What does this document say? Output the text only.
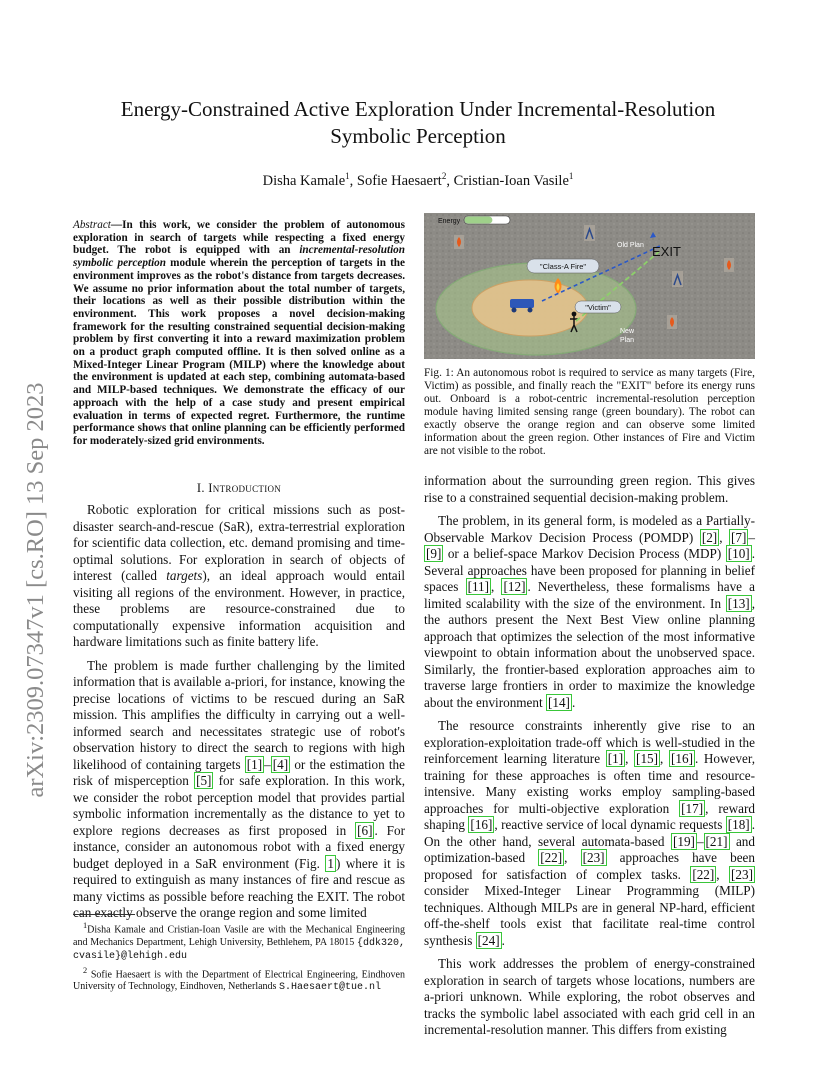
arXiv:2309.07347v1 [cs.RO] 13 Sep 2023
Energy-Constrained Active Exploration Under Incremental-Resolution
Symbolic Perception
Disha Kamale$^1$, Sofie Haesaert$^2$, Cristian-Ioan Vasile$^1$
Abstract—In this work, we consider the problem of autonomous exploration in search of targets while respecting a fixed energy budget. The robot is equipped with an incremental-resolution symbolic perception module wherein the perception of targets in the environment improves as the robot's distance from targets decreases. We assume no prior information about the total number of targets, their locations as well as their possible distribution within the environment. This work proposes a novel decision-making framework for the resulting constrained sequential decision-making problem by first converting it into a reward maximization problem on a product graph computed offline. It is then solved online as a Mixed-Integer Linear Program (MILP) where the knowledge about the environment is updated at each step, combining automata-based and MILP-based techniques. We demonstrate the efficacy of our approach with the help of a case study and present empirical evaluation in terms of expected regret. Furthermore, the runtime performance shows that online planning can be efficiently performed for moderately-sized grid environments.
I. Introduction

Robotic exploration for critical missions such as post-disaster search-and-rescue (SaR), extra-terrestrial exploration for scientific data collection, etc. demand promising and time-optimal solutions. For exploration in search of objects of interest (called targets), an ideal approach would entail visiting all regions of the environment. However, in practice, these problems are resource-constrained due to computationally expensive information acquisition and hardware limitations such as finite battery life.

The problem is made further challenging by the limited information that is available a-priori, for instance, knowing the precise locations of victims to be rescued during an SaR mission. This amplifies the difficulty in carrying out a well-informed search and necessitates strategic use of robot's observation history to direct the search to regions with high likelihood of containing targets [1] – [4] or the estimation the risk of misperception [5] for safe exploration. In this work, we consider the robot perception model that provides partial symbolic information incrementally as the distance to yet to explore regions decreases as first proposed in [6] . For instance, consider an autonomous robot with a fixed energy budget deployed in a SaR environment (Fig. 1 ) where it is required to extinguish as many instances of fire and rescue as many victims as possible before reaching the EXIT. The robot can exactly observe the orange region and some limited

$^1$Disha Kamale and Cristian-Ioan Vasile are with the Mechanical Engineering and Mechanics Department, Lehigh University, Bethlehem, PA 18015 {ddk320, cvasile}@lehigh.edu

$^2$ Sofie Haesaert is with the Department of Electrical Engineering, Eindhoven University of Technology, Eindhoven, Netherlands S.Haesaert@tue.nl

Energy
"Class-A Fire"
"Victim"
Old Plan EXIT
New
Plan
Fig. 1: An autonomous robot is required to service as many targets (Fire, Victim) as possible, and finally reach the "EXIT" before its energy runs out. Onboard is a robot-centric incremental-resolution perception module having limited sensing range (green boundary). The robot can exactly observe the orange region and can observe some limited information about the green region. Other instances of Fire and Victim are not visible to the robot.

information about the surrounding green region. This gives rise to a constrained sequential decision-making problem.

The problem, in its general form, is modeled as a Partially-Observable Markov Decision Process (POMDP) [2] , [7] –[9] or a belief-space Markov Decision Process (MDP) [10] . Several approaches have been proposed for planning in belief spaces [11] , [12] . Nevertheless, these formalisms have a limited scalability with the size of the environment. In [13] , the authors present the Next Best View online planning approach that optimizes the selection of the most informative viewpoint to obtain information about the unobserved space. Similarly, the frontier-based exploration approaches aim to traverse large frontiers in order to maximize the knowledge about the environment [14] .

The resource constraints inherently give rise to an exploration-exploitation trade-off which is well-studied in the reinforcement learning literature [1] , [15] , [16] . However, training for these approaches is often time and resource-intensive. Many existing works employ sampling-based approaches for multi-objective exploration [17] , reward shaping [16] , reactive service of local dynamic requests [18] . On the other hand, several automata-based [19] – [21] and optimization-based [22] , [23] approaches have been proposed for satisfaction of complex tasks. [22] , [23] consider Mixed-Integer Linear Programming (MILP) techniques. Although MILPs are in general NP-hard, efficient off-the-shelf tools exist that facilitate real-time control synthesis [24] .

This work addresses the problem of energy-constrained exploration in search of targets whose locations, numbers are a-priori unknown. While exploring, the robot observes and tracks the symbolic label associated with each grid cell in an incremental-resolution manner. This differs from existing
